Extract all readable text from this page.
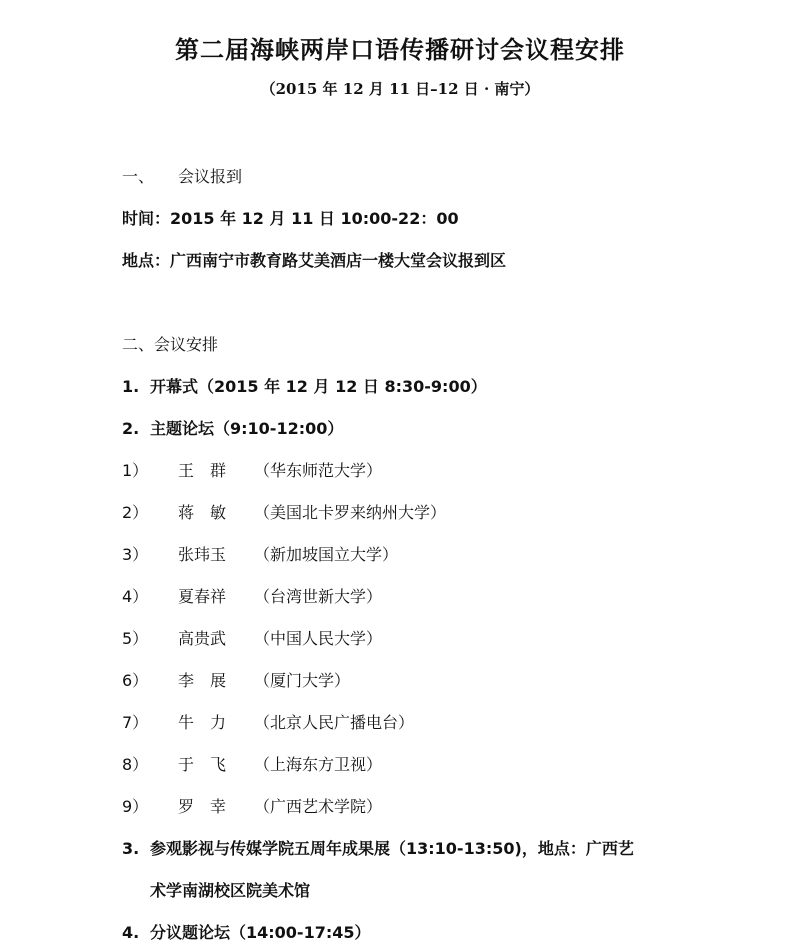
第二届海峡两岸口语传播研讨会议程安排
（2015 年 12 月 11 日–12 日 · 南宁）
一、 会议报到
时间：2015 年 12 月 11 日 10:00-22：00
地点：广西南宁市教育路艾美酒店一楼大堂会议报到区
二、会议安排
1. 开幕式（2015 年 12 月 12 日 8:30-9:00）
2. 主题论坛（9:10-12:00）
1）	王　群	（华东师范大学）
2）	蒋　敏	（美国北卡罗来纳州大学）
3）	张玮玉	（新加坡国立大学）
4）	夏春祥	（台湾世新大学）
5）	高贵武	（中国人民大学）
6）	李　展	（厦门大学）
7）	牛　力	（北京人民广播电台）
8）	于　飞	（上海东方卫视）
9）	罗　幸	（广西艺术学院）
3. 参观影视与传媒学院五周年成果展（13:10-13:50)，地点：广西艺
术学南湖校区院美术馆
4. 分议题论坛（14:00-17:45）
